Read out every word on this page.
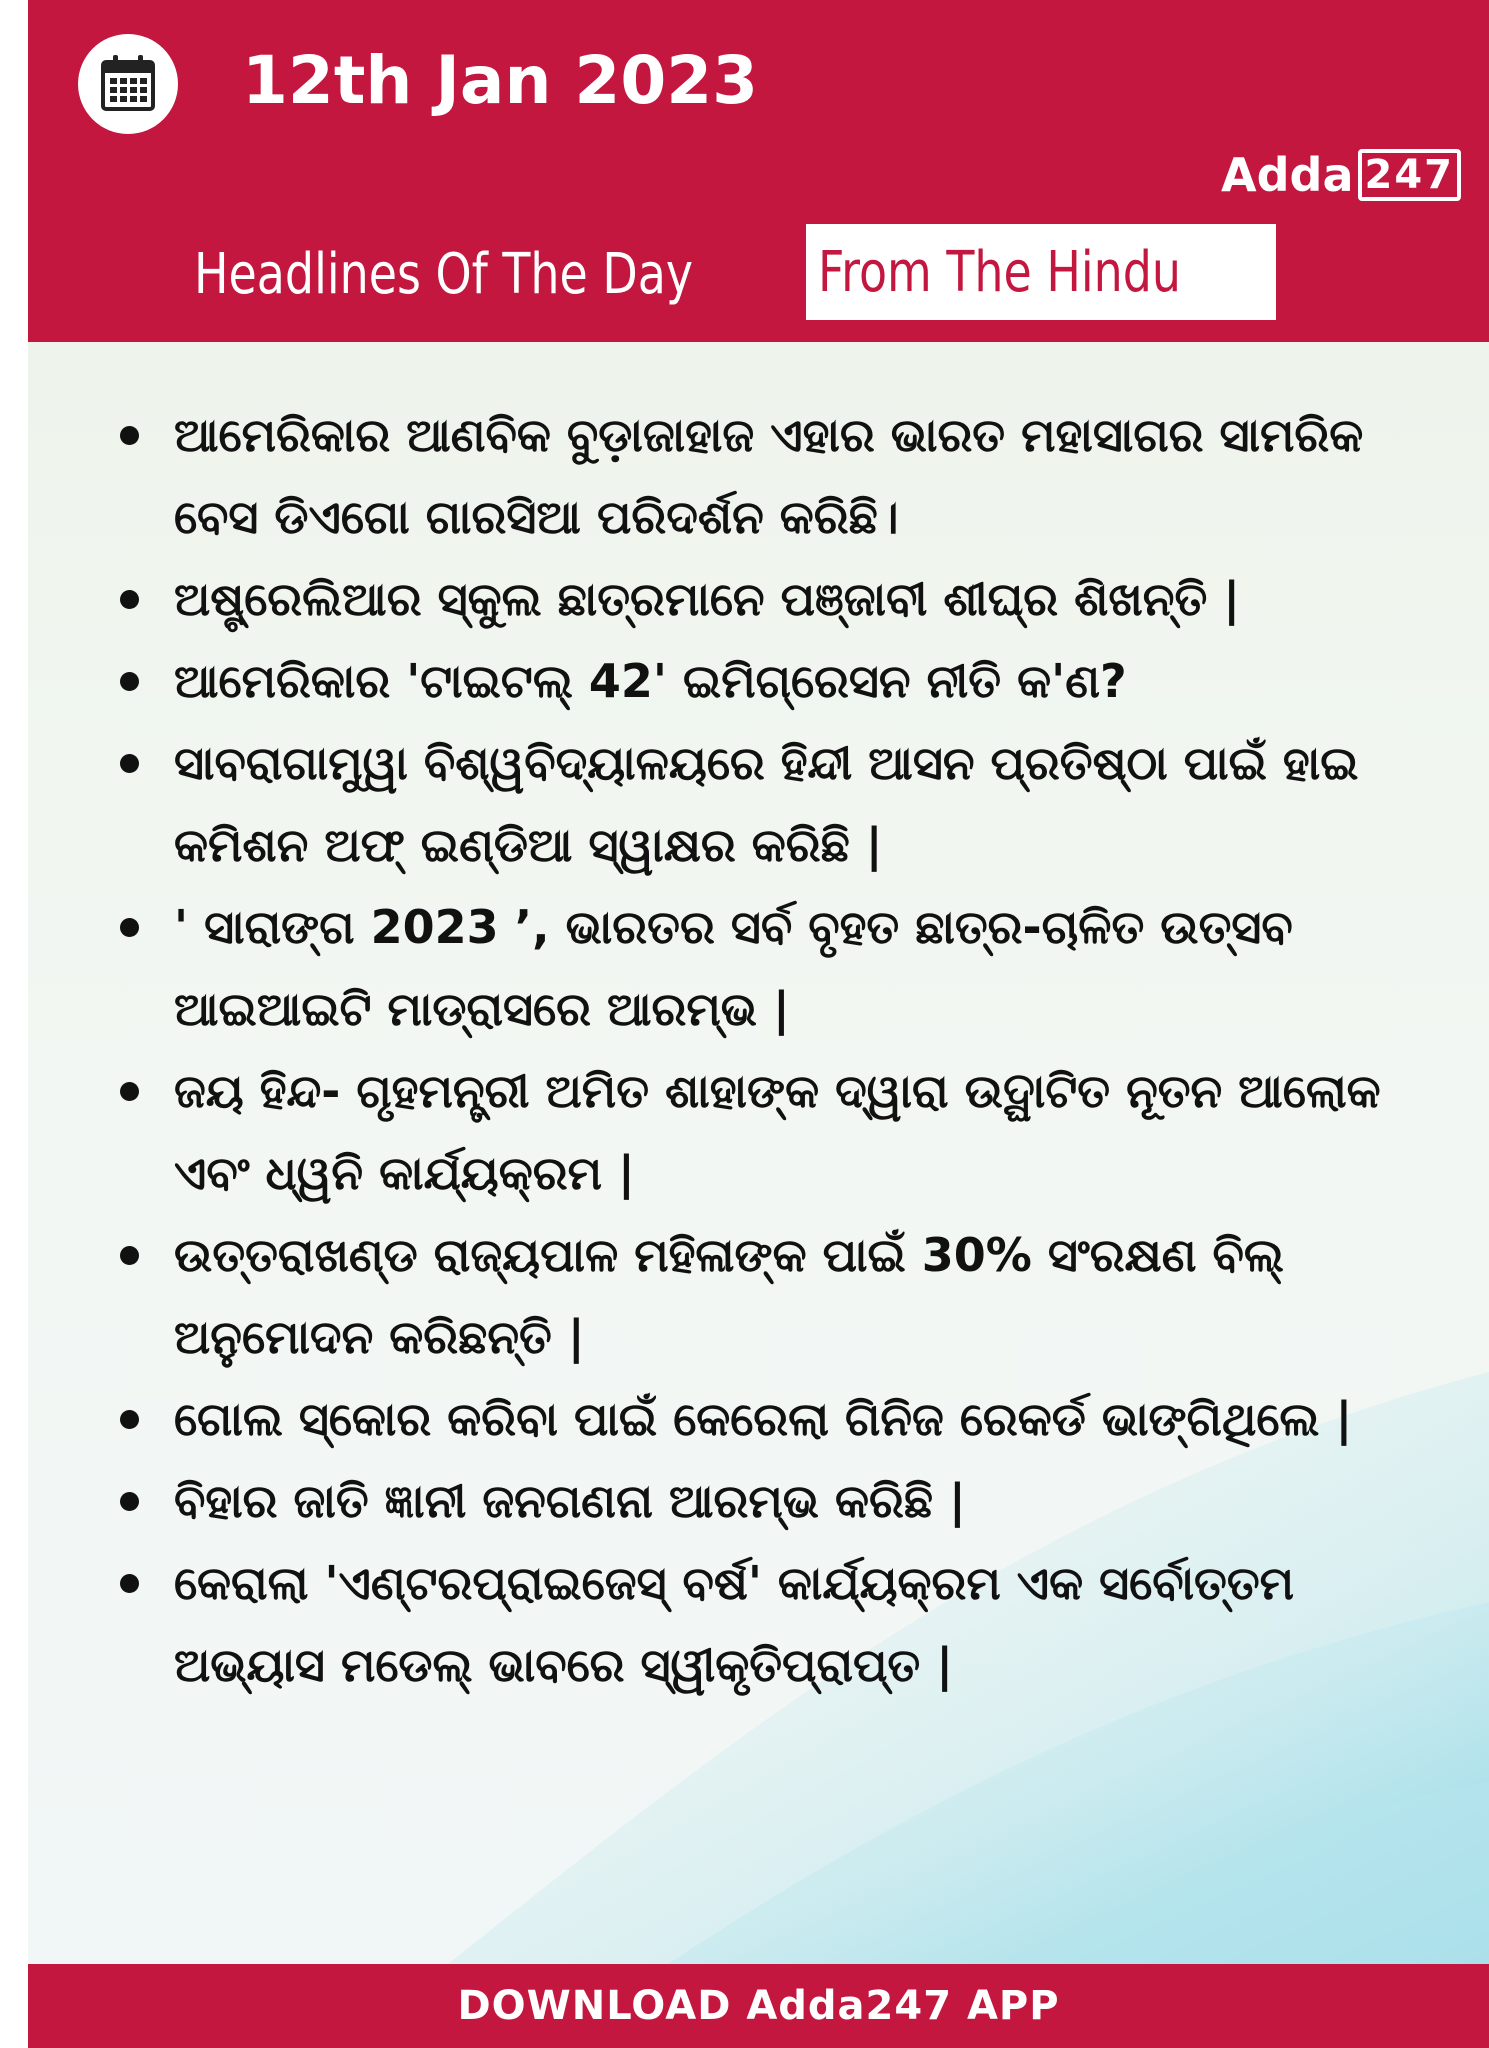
12th Jan 2023
Adda 247
Headlines Of The Day From The Hindu
ଆମେରିକାର ଆଣବିକ ବୁଡ଼ାଜାହାଜ ଏହାର ଭାରତ ମହାସାଗର ସାମରିକ ବେସ ଡିଏଗୋ ଗାରସିଆ ପରିଦର୍ଶନ କରିଛି।
ଅଷ୍ଟ୍ରେଲିଆର ସ୍କୁଲ ଛାତ୍ରମାନେ ପଞ୍ଜାବୀ ଶୀଘ୍ର ଶିଖନ୍ତି |
ଆମେରିକାର 'ଟାଇଟଲ୍ 42' ଇମିଗ୍ରେସନ ନୀତି କ'ଣ?
ସାବରାଗାମୁୱା ବିଶ୍ୱବିଦ୍ୟାଳୟରେ ହିନ୍ଦୀ ଆସନ ପ୍ରତିଷ୍ଠା ପାଇଁ ହାଇ କମିଶନ ଅଫ୍ ଇଣ୍ଡିଆ ସ୍ୱାକ୍ଷର କରିଛି |
' ସାରାଙ୍ଗ 2023 ’, ଭାରତର ସର୍ବ ବୃହତ ଛାତ୍ର-ଚାଳିତ ଉତ୍ସବ ଆଇଆଇଟି ମାଡ୍ରାସରେ ଆରମ୍ଭ |
ଜୟ ହିନ୍ଦ- ଗୃହମନ୍ତ୍ରୀ ଅମିତ ଶାହାଙ୍କ ଦ୍ୱାରା ଉଦ୍ଘାଟିତ ନୂତନ ଆଲୋକ ଏବଂ ଧ୍ୱନି କାର୍ଯ୍ୟକ୍ରମ |
ଉତ୍ତରାଖଣ୍ଡ ରାଜ୍ୟପାଳ ମହିଳାଙ୍କ ପାଇଁ 30% ସଂରକ୍ଷଣ ବିଲ୍ ଅନୁମୋଦନ କରିଛନ୍ତି |
ଗୋଲ ସ୍କୋର କରିବା ପାଇଁ କେରେଲା ଗିନିଜ ରେକର୍ଡ ଭାଙ୍ଗିଥିଲେ |
ବିହାର ଜାତି ଜ୍ଞାନୀ ଜନଗଣନା ଆରମ୍ଭ କରିଛି |
କେରାଲା 'ଏଣ୍ଟରପ୍ରାଇଜେସ୍ ବର୍ଷ' କାର୍ଯ୍ୟକ୍ରମ ଏକ ସର୍ବୋତ୍ତମ ଅଭ୍ୟାସ ମଡେଲ୍ ଭାବରେ ସ୍ୱୀକୃତିପ୍ରାପ୍ତ |
DOWNLOAD Adda247 APP
